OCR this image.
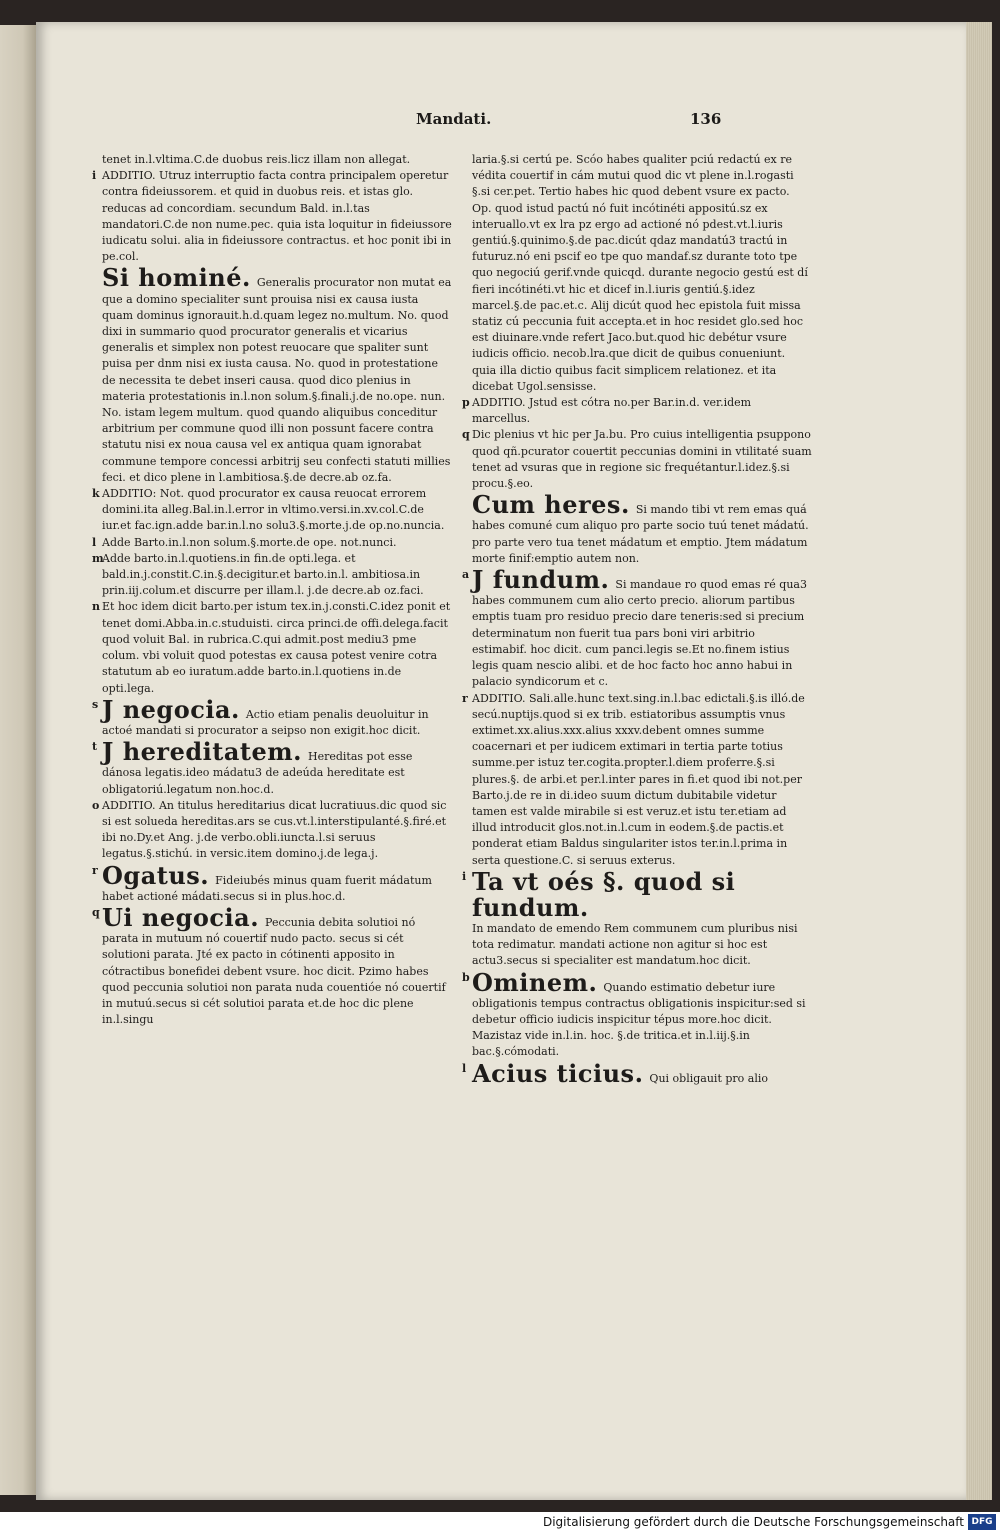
Mandati.	136
tenet in.l.vltima.C.de duobus reis.licz illam non allegat.
i ADDITIO. Utruz interruptio facta contra principalem operetur contra fideiussorem. et quid in duobus reis. et istas glo. reducas ad concordiam. secundum Bald. in.l.tas mandatori.C.de non nume.pec. quia ista loquitur in fideiussore iudicatu solui. alia in fideiussore contractus. et hoc ponit ibi in pe.col.
Si hominé. Generalis procurator non mutat ea que a domino specialiter sunt prouisa nisi ex causa iusta quam dominus ignorauit.h.d.quam legez no.multum. No. quod dixi in summario quod procurator generalis et vicarius generalis et simplex non potest reuocare que spaliter sunt puisa per dnm nisi ex iusta causa. No. quod in protestatione de necessita te debet inseri causa. quod dico plenius in materia protestationis in.l.non solum.§.finali.j.de no.ope. nun. No. istam legem multum. quod quando aliquibus conceditur arbitrium per commune quod illi non possunt facere contra statutu nisi ex noua causa vel ex antiqua quam ignorabat commune tempore concessi arbitrij seu confecti statuti millies feci. et dico plene in l.ambitiosa.§.de decre.ab oz.fa.
k ADDITIO: Not. quod procurator ex causa reuocat errorem domini.ita alleg.Bal.in.l.error in vltimo.versi.in.xv.col.C.de iur.et fac.ign.adde bar.in.l.no solu3.§.morte.j.de op.no.nuncia.
l Adde Barto.in.l.non solum.§.morte.de ope. not.nunci.
m
Adde barto.in.l.quotiens.in fin.de opti.lega. et bald.in.j.constit.C.in.§.decigitur.et barto.in.l. ambitiosa.in prin.iij.colum.et discurre per illam.l. j.de decre.ab oz.faci.
n Et hoc idem dicit barto.per istum tex.in.j.consti.C.idez ponit et tenet domi.Abba.in.c.studuisti. circa princi.de offi.delega.facit quod voluit Bal. in rubrica.C.qui admit.post mediu3 pme colum. vbi voluit quod potestas ex causa potest venire cotra statutum ab eo iuratum.adde barto.in.l.quotiens in.de opti.lega.
s J negocia. Actio etiam penalis deuoluitur in actoé mandati si procurator a seipso non exigit.hoc dicit.
t J hereditatem. Hereditas pot esse dánosa legatis.ideo mádatu3 de adeúda hereditate est obligatoriú.legatum non.hoc.d.
o ADDITIO. An titulus hereditarius dicat lucratiuus.dic quod sic si est solueda hereditas.ars se cus.vt.l.interstipulanté.§.firé.et ibi no.Dy.et Ang. j.de verbo.obli.iuncta.l.si seruus legatus.§.stichú. in versic.item domino.j.de lega.j.
r Ogatus. Fideiubés minus quam fuerit mádatum habet actioné mádati.secus si in plus.hoc.d.
q Ui negocia. Peccunia debita solutioi nó parata in mutuum nó couertif nudo pacto. secus si cét solutioni parata. Jté ex pacto in cótinenti apposito in cótractibus bonefidei debent vsure. hoc dicit. Pzimo habes quod peccunia solutioi non parata nuda couentióe nó couertif in mutuú.secus si cét solutioi parata et.de hoc dic plene in.l.singu
laria.§.si certú pe. Scóo habes qualiter pciú redactú ex re védita couertif in cám mutui quod dic vt plene in.l.rogasti §.si cer.pet. Tertio habes hic quod debent vsure ex pacto. Op. quod istud pactú nó fuit incótinéti appositú.sz ex interuallo.vt ex lra pz ergo ad actioné nó pdest.vt.l.iuris gentiú.§.quinimo.§.de pac.dicút qdaz mandatú3 tractú in futuruz.nó eni pscif eo tpe quo mandaf.sz durante toto tpe quo negociú gerif.vnde quicqd. durante negocio gestú est dí fieri incótinéti.vt hic et dicef in.l.iuris gentiú.§.idez marcel.§.de pac.et.c. Alij dicút quod hec epistola fuit missa statiz cú peccunia fuit accepta.et in hoc residet glo.sed hoc est diuinare.vnde refert Jaco.but.quod hic debétur vsure iudicis officio. necob.lra.que dicit de quibus conueniunt. quia illa dictio quibus facit simplicem relationez. et ita dicebat Ugol.sensisse.
p ADDITIO. Jstud est cótra no.per Bar.in.d. ver.idem marcellus.
q Dic plenius vt hic per Ja.bu. Pro cuius intelligentia psuppono quod qñ.pcurator couertit peccunias domini in vtilitaté suam tenet ad vsuras que in regione sic frequétantur.l.idez.§.si procu.§.eo.
Cum heres. Si mando tibi vt rem emas quá habes comuné cum aliquo pro parte socio tuú tenet mádatú. pro parte vero tua tenet mádatum et emptio. Jtem mádatum morte finif:emptio autem non.
a J fundum. Si mandaue ro quod emas ré qua3 habes communem cum alio certo precio. aliorum partibus emptis tuam pro residuo precio dare teneris:sed si precium determinatum non fuerit tua pars boni viri arbitrio estimabif. hoc dicit. cum panci.legis se.Et no.finem istius legis quam nescio alibi. et de hoc facto hoc anno habui in palacio syndicorum et c.
r ADDITIO. Sali.alle.hunc text.sing.in.l.bac edictali.§.is illó.de secú.nuptijs.quod si ex trib. estiatoribus assumptis vnus extimet.xx.alius.xxx.alius xxxv.debent omnes summe coacernari et per iudicem extimari in tertia parte totius summe.per istuz ter.cogita.propter.l.diem proferre.§.si plures.§. de arbi.et per.l.inter pares in fi.et quod ibi not.per Barto.j.de re in di.ideo suum dictum dubitabile videtur tamen est valde mirabile si est veruz.et istu ter.etiam ad illud introducit glos.not.in.l.cum in eodem.§.de pactis.et ponderat etiam Baldus singulariter istos ter.in.l.prima in serta questione.C. si seruus exterus.
i Ta vt oés §. quod si fundum.In mandato de emendo Rem communem cum pluribus nisi tota redimatur. mandati actione non agitur si hoc est actu3.secus si specialiter est mandatum.hoc dicit.
b Ominem. Quando estimatio debetur iure obligationis tempus contractus obligationis inspicitur:sed si debetur officio iudicis inspicitur tépus more.hoc dicit. Mazistaz vide in.l.in. hoc. §.de tritica.et in.l.iij.§.in bac.§.cómodati.
l Acius ticius. Qui obligauit pro alio
Digitalisierung gefördert durch die Deutsche Forschungsgemeinschaft DFG
